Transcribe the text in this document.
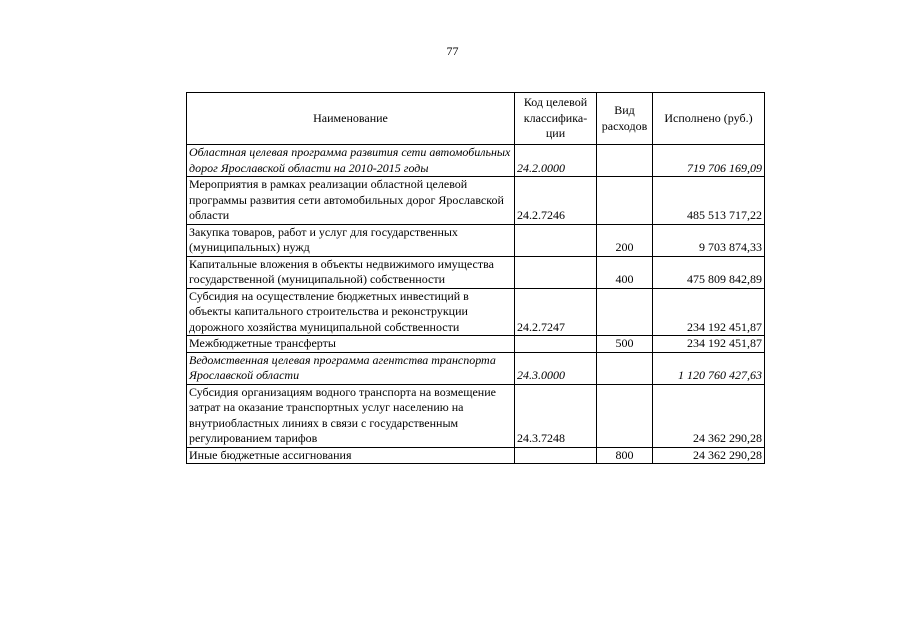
77
Наименование	Код целевой классифика-ции	Вид расходов	Исполнено (руб.)
Областная целевая программа развития сети автомобильных дорог Ярославской области на 2010-2015 годы	24.2.0000		719 706 169,09
Мероприятия в рамках реализации областной целевой программы развития сети автомобильных дорог Ярославской области	24.2.7246		485 513 717,22
Закупка товаров, работ и услуг для государственных (муниципальных) нужд		200	9 703 874,33
Капитальные вложения в объекты недвижимого имущества государственной (муниципальной) собственности		400	475 809 842,89
Субсидия на осуществление бюджетных инвестиций в объекты капитального строительства и реконструкции дорожного хозяйства муниципальной собственности	24.2.7247		234 192 451,87
Межбюджетные трансферты		500	234 192 451,87
Ведомственная целевая программа агентства транспорта Ярославской области	24.3.0000		1 120 760 427,63
Субсидия организациям водного транспорта на возмещение затрат на оказание транспортных услуг населению на внутриобластных линиях в связи с государственным регулированием тарифов	24.3.7248		24 362 290,28
Иные бюджетные ассигнования		800	24 362 290,28
